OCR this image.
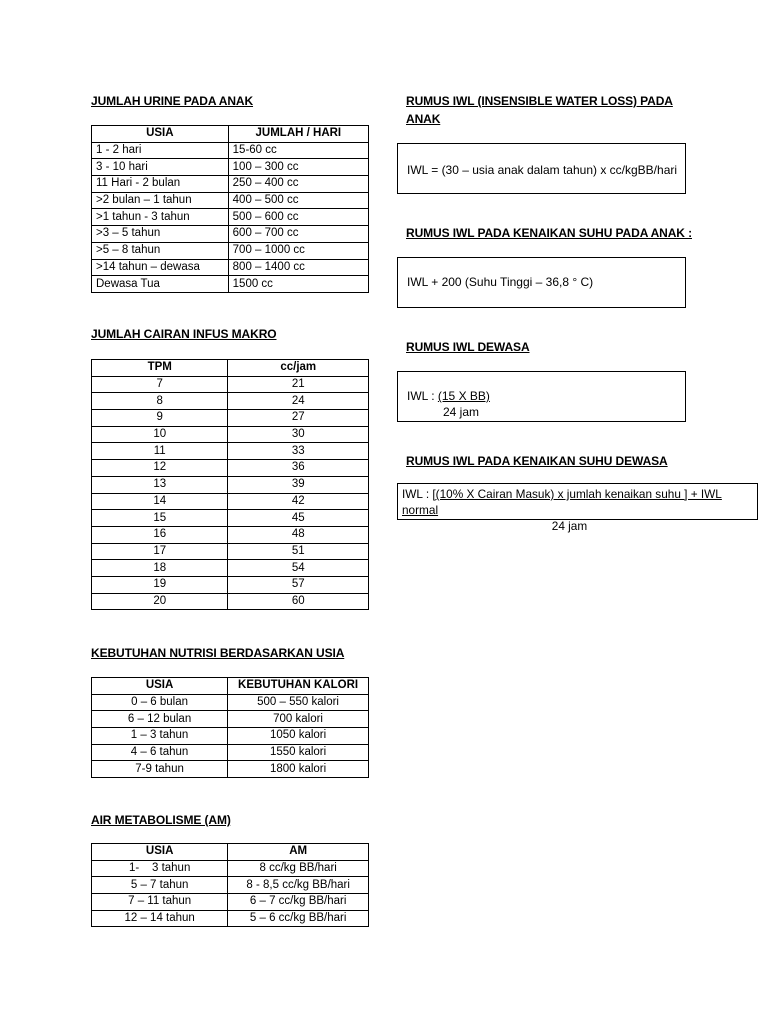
JUMLAH URINE PADA ANAK
USIA	JUMLAH / HARI
1 - 2 hari	15-60 cc
3 - 10 hari	100 – 300 cc
11 Hari - 2 bulan	250 – 400 cc
>2 bulan – 1 tahun	400 – 500 cc
>1 tahun - 3 tahun	500 – 600 cc
>3 – 5 tahun	600 – 700 cc
>5 – 8 tahun	700 – 1000 cc
>14 tahun – dewasa	800 – 1400 cc
Dewasa Tua	1500 cc
JUMLAH CAIRAN INFUS MAKRO
TPM	cc/jam
7	21
8	24
9	27
10	30
11	33
12	36
13	39
14	42
15	45
16	48
17	51
18	54
19	57
20	60
KEBUTUHAN NUTRISI BERDASARKAN USIA
USIA	KEBUTUHAN KALORI
0 – 6 bulan	500 – 550 kalori
6 – 12 bulan	700 kalori
1 – 3 tahun	1050 kalori
4 – 6 tahun	1550 kalori
7-9 tahun	1800 kalori
AIR METABOLISME (AM)
USIA	AM
1-    3 tahun	8 cc/kg BB/hari
5 – 7 tahun	8 - 8,5 cc/kg BB/hari
7 – 11 tahun	6 – 7 cc/kg BB/hari
12 – 14 tahun	5 – 6 cc/kg BB/hari
RUMUS IWL (INSENSIBLE WATER LOSS) PADA
ANAK
IWL = (30 – usia anak dalam tahun) x cc/kgBB/hari
RUMUS IWL PADA KENAIKAN SUHU PADA ANAK :
IWL + 200 (Suhu Tinggi – 36,8 ° C)
RUMUS IWL DEWASA
IWL : (15 X BB)
24 jam
RUMUS IWL PADA KENAIKAN SUHU DEWASA
IWL : [(10% X Cairan Masuk) x jumlah kenaikan suhu ] + IWL normal
24 jam
